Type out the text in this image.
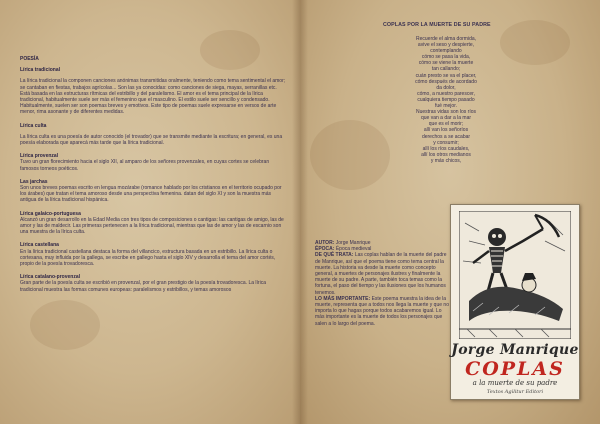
POESÍA

Lírica tradicional

La lírica tradicional la componen canciones anónimas transmitidas oralmente, teniendo como tema sentimental el amor; se cantaban en fiestas, trabajos agrícolas... Son las ya conocidas: como canciones de siega, mayas, serranillas etc. Está basada en las estructuras rítmicas del estribillo y del paralelismo. El amor es el tema principal de la lírica tradicional, habitualmente suele ser más el femenino que el masculino. El estilo suele ser sencillo y condensado. Habitualmente, suelen ser son poemas breves y emotivos. Este tipo de poemas suele expresarse en versos de arte menor, rima asonante y de diferentes medidas.

Lírica culta

La lírica culta es una poesía de autor conocido (el trovador) que se transmite mediante la escritura; en general, es una poesía elaborada que aparecá más tarde que la lírica tradicional.

Lírica provenzal

Tuvo un gran florecimiento hacia el siglo XII, al amparo de los señores provenzales, en cuyas cortes se celebran famosos torneos poéticos.

Las jarchas

Son unos breves poemas escrito en lengua mozárabe (romance hablado por los cristianos en el territorio ocupado por los árabes) que tratan el tema amoroso desde una perspectiva femenina. datan del siglo XI y son la muestra más antigua de la lírica tradicional hispánica.

Lírica galaico-portuguesa

Alcanzó un gran desarrollo en la Edad Media con tres tipos de composiciones o cantigas: las cantigas de amigo, las de amor y las de maldecir. Las primeras pertenecen a la lírica tradicional, mientras que las de amor y las de escarnio son una muestra de la lírica culta.

Lírica castellana

En la lírica tradicional castellana destaca la forma del villancico, estructura basada en un estribillo. La lírica culta o cortesana, muy influida por la gallega, se escribe en gallego hasta el siglo XIV y desarrolla el tema del amor cortés, propio de la poesía trovadoresca.

Lírica catalano-provenzal

Gran parte de la poesía culta se escribió en provenzal, por el gran prestigio de la poesía trovadoresca. La lírica tradicional muestra las formas comunes europeas: paralelismos y estribillos, y temas amorosos

COPLAS POR LA MUERTE DE SU PADRE
Recuerde el alma dormida,
avive el seso y despierte,
contemplando
cómo se pasa la vida,
cómo se viene la muerte
tan callando;
cuán presto se va el placer,
cómo después de acordado
da dolor,
cómo, a nuestro parescer,
cualquiera tiempo pasado
fué mejor.
Nuestras vidas son los ríos
que van a dar a la mar
que es el morir;
allí van los señoríos
derechos a se acabar
y consumir;
allí los ríos caudales,
allí los otros medianos
y más chicos,
AUTOR: Jorge Manrique
ÉPOCA: Época medieval
DE QUÉ TRATA: Las coplas hablan de la muerte del padre de Manrique, así que el poema tiene como tema central la muerte. La historia va desde la muerte como concepto general, a muertes de personajes ilustres y finalmente la muerte de su padre. A parte, también toca temas como la fortuna, el paso del tiempo y las ilusiones que los humanos tenemos.
LO MÁS IMPORTANTE: Este poema muestra la idea de la muerte, representa que a todos nos llega la muerte y que no importa lo que hagas porque todos acabaremos igual. Lo más importante es la muerte de todos los personajes que salen a lo largo del poema.
Jorge Manrique
COPLAS
a la muerte de su padre
Textos Agilitur Editori
